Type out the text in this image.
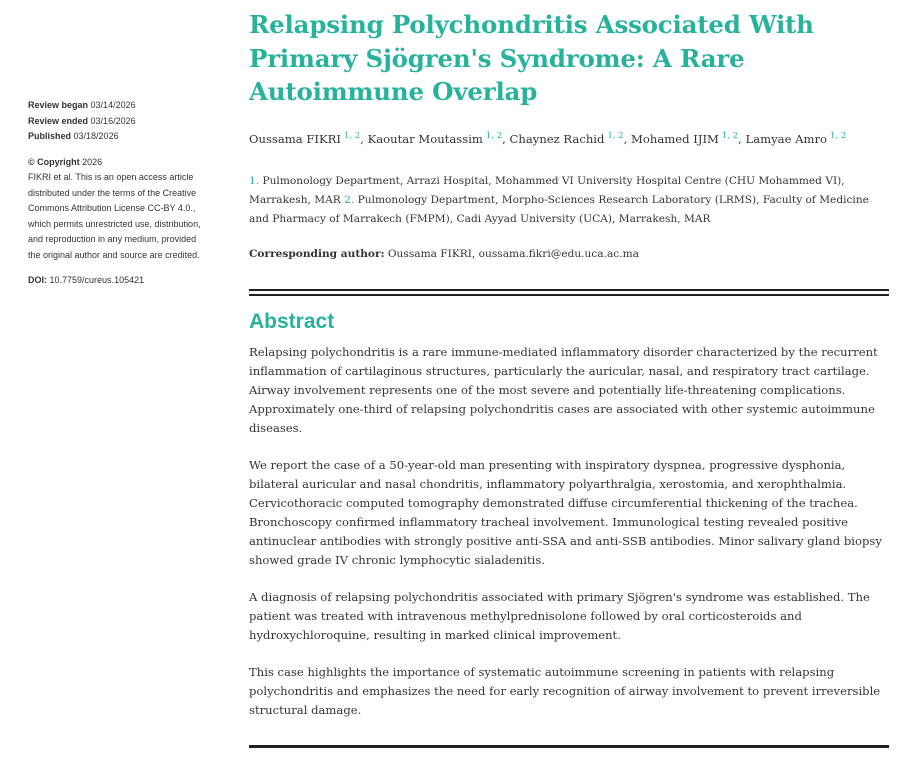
Review began 03/14/2026
Review ended 03/16/2026
Published 03/18/2026
© Copyright 2026
FIKRI et al. This is an open access article
distributed under the terms of the Creative
Commons Attribution License CC-BY 4.0.,
which permits unrestricted use, distribution,
and reproduction in any medium, provided
the original author and source are credited.
DOI: 10.7759/cureus.105421
Relapsing Polychondritis Associated With Primary Sjögren's Syndrome: A Rare Autoimmune Overlap
Oussama FIKRI $^{1, 2}$, Kaoutar Moutassim $^{1, 2}$, Chaynez Rachid $^{1, 2}$, Mohamed IJIM $^{1, 2}$, Lamyae Amro $^{1, 2}$
1. Pulmonology Department, Arrazi Hospital, Mohammed VI University Hospital Centre (CHU Mohammed VI), Marrakesh, MAR 2. Pulmonology Department, Morpho-Sciences Research Laboratory (LRMS), Faculty of Medicine and Pharmacy of Marrakech (FMPM), Cadi Ayyad University (UCA), Marrakesh, MAR
Corresponding author: Oussama FIKRI, oussama.fikri@edu.uca.ac.ma
Abstract

Relapsing polychondritis is a rare immune-mediated inflammatory disorder characterized by the recurrent inflammation of cartilaginous structures, particularly the auricular, nasal, and respiratory tract cartilage. Airway involvement represents one of the most severe and potentially life-threatening complications. Approximately one-third of relapsing polychondritis cases are associated with other systemic autoimmune diseases.

We report the case of a 50-year-old man presenting with inspiratory dyspnea, progressive dysphonia, bilateral auricular and nasal chondritis, inflammatory polyarthralgia, xerostomia, and xerophthalmia. Cervicothoracic computed tomography demonstrated diffuse circumferential thickening of the trachea. Bronchoscopy confirmed inflammatory tracheal involvement. Immunological testing revealed positive antinuclear antibodies with strongly positive anti-SSA and anti-SSB antibodies. Minor salivary gland biopsy showed grade IV chronic lymphocytic sialadenitis.

A diagnosis of relapsing polychondritis associated with primary Sjögren's syndrome was established. The patient was treated with intravenous methylprednisolone followed by oral corticosteroids and hydroxychloroquine, resulting in marked clinical improvement.

This case highlights the importance of systematic autoimmune screening in patients with relapsing polychondritis and emphasizes the need for early recognition of airway involvement to prevent irreversible structural damage.
